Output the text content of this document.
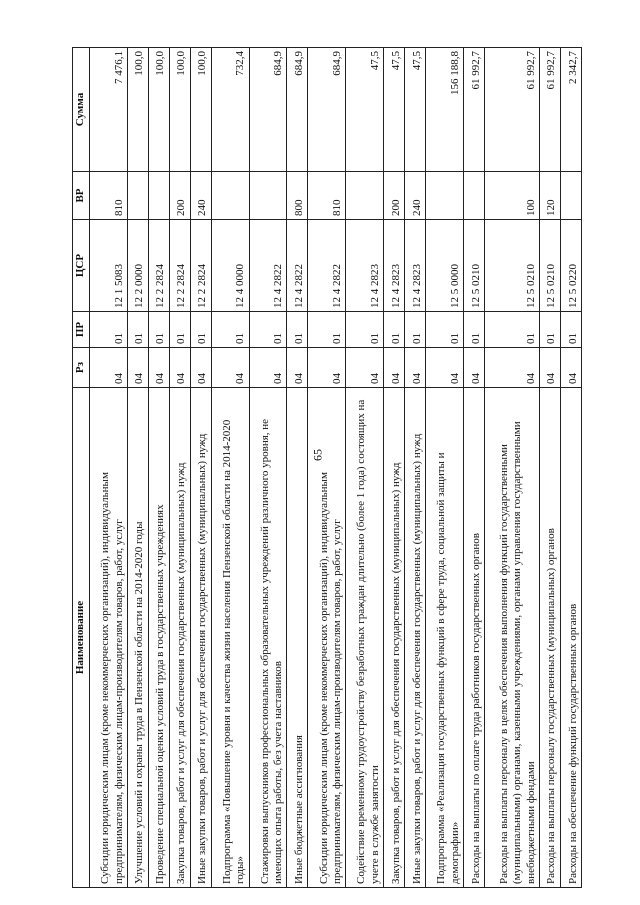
65
Наименование	Рз	ПР	ЦСР	ВР	Сумма
Субсидии юридическим лицам (кроме некоммерческих организаций), индивидуальным предпринимателям, физическим лицам-производителям товаров, работ, услуг	04	01	12 1 5083	810	7 476,1
Улучшение условий и охраны труда в Пензенской области на 2014-2020 годы	04	01	12 2 0000		100,0
Проведение специальной оценки условий труда в государственных учреждениях	04	01	12 2 2824		100,0
Закупка товаров, работ и услуг для обеспечения государственных (муниципальных) нужд	04	01	12 2 2824	200	100,0
Иные закупки товаров, работ и услуг для обеспечения государственных (муниципальных) нужд	04	01	12 2 2824	240	100,0
Подпрограмма «Повышение уровня и качества жизни населения Пензенской области на 2014-2020 годы»	04	01	12 4 0000		732,4
Стажировки выпускников профессиональных образовательных учреждений различного уровня, не имеющих опыта работы, без учета наставников	04	01	12 4 2822		684,9
Иные бюджетные ассигнования	04	01	12 4 2822	800	684,9
Субсидии юридическим лицам (кроме некоммерческих организаций), индивидуальным предпринимателям, физическим лицам-производителям товаров, работ, услуг	04	01	12 4 2822	810	684,9
Содействие временному трудоустройству безработных граждан длительно (более 1 года) состоящих на учете в службе занятости	04	01	12 4 2823		47,5
Закупка товаров, работ и услуг для обеспечения государственных (муниципальных) нужд	04	01	12 4 2823	200	47,5
Иные закупки товаров, работ и услуг для обеспечения государственных (муниципальных) нужд	04	01	12 4 2823	240	47,5
Подпрограмма «Реализация государственных функций в сфере труда, социальной защиты и демографии»	04	01	12 5 0000		156 188,8
Расходы на выплаты по оплате труда работников государственных органов	04	01	12 5 0210		61 992,7
Расходы на выплаты персоналу в целях обеспечения выполнения функций государственными (муниципальными) органами, казенными учреждениями, органами управления государственными внебюджетными фондами	04	01	12 5 0210	100	61 992,7
Расходы на выплаты персоналу государственных (муниципальных) органов	04	01	12 5 0210	120	61 992,7
Расходы на обеспечение функций государственных органов	04	01	12 5 0220		2 342,7
